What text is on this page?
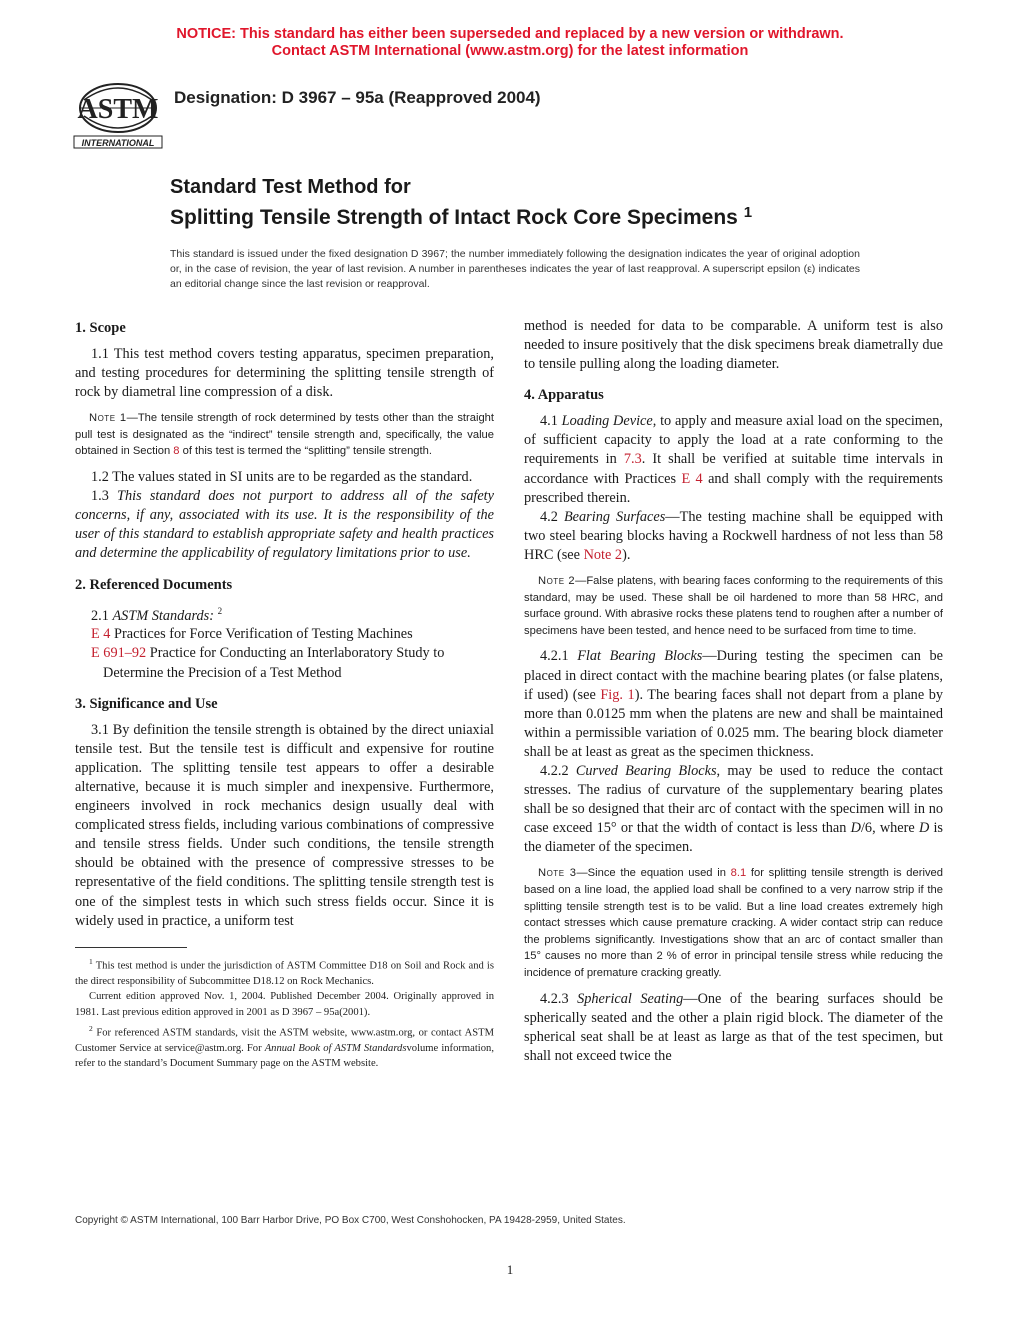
NOTICE: This standard has either been superseded and replaced by a new version or withdrawn.
Contact ASTM International (www.astm.org) for the latest information
ASTM
INTERNATIONAL
Designation: D 3967 – 95a (Reapproved 2004)
Standard Test Method for
Splitting Tensile Strength of Intact Rock Core Specimens $^1$
This standard is issued under the fixed designation D 3967; the number immediately following the designation indicates the year of original adoption or, in the case of revision, the year of last revision. A number in parentheses indicates the year of last reapproval. A superscript epsilon (ε) indicates an editorial change since the last revision or reapproval.
1. Scope

1.1 This test method covers testing apparatus, specimen preparation, and testing procedures for determining the splitting tensile strength of rock by diametral line compression of a disk.

Note 1—The tensile strength of rock determined by tests other than the straight pull test is designated as the “indirect” tensile strength and, specifically, the value obtained in Section 8 of this test is termed the “splitting” tensile strength.

1.2 The values stated in SI units are to be regarded as the standard.

1.3 This standard does not purport to address all of the safety concerns, if any, associated with its use. It is the responsibility of the user of this standard to establish appropriate safety and health practices and determine the applicability of regulatory limitations prior to use.

2. Referenced Documents

2.1 ASTM Standards: $^2$

E 4 Practices for Force Verification of Testing Machines

E 691–92 Practice for Conducting an Interlaboratory Study to Determine the Precision of a Test Method

3. Significance and Use

3.1 By definition the tensile strength is obtained by the direct uniaxial tensile test. But the tensile test is difficult and expensive for routine application. The splitting tensile test appears to offer a desirable alternative, because it is much simpler and inexpensive. Furthermore, engineers involved in rock mechanics design usually deal with complicated stress fields, including various combinations of compressive and tensile stress fields. Under such conditions, the tensile strength should be obtained with the presence of compressive stresses to be representative of the field conditions. The splitting tensile strength test is one of the simplest tests in which such stress fields occur. Since it is widely used in practice, a uniform test

$^1$ This test method is under the jurisdiction of ASTM Committee D18 on Soil and Rock and is the direct responsibility of Subcommittee D18.12 on Rock Mechanics.

Current edition approved Nov. 1, 2004. Published December 2004. Originally approved in 1981. Last previous edition approved in 2001 as D 3967 – 95a(2001).

$^2$ For referenced ASTM standards, visit the ASTM website, www.astm.org, or contact ASTM Customer Service at service@astm.org. For Annual Book of ASTM Standardsvolume information, refer to the standard’s Document Summary page on the ASTM website.

method is needed for data to be comparable. A uniform test is also needed to insure positively that the disk specimens break diametrally due to tensile pulling along the loading diameter.

4. Apparatus

4.1 Loading Device, to apply and measure axial load on the specimen, of sufficient capacity to apply the load at a rate conforming to the requirements in 7.3. It shall be verified at suitable time intervals in accordance with Practices E 4 and shall comply with the requirements prescribed therein.

4.2 Bearing Surfaces—The testing machine shall be equipped with two steel bearing blocks having a Rockwell hardness of not less than 58 HRC (see Note 2).

Note 2—False platens, with bearing faces conforming to the requirements of this standard, may be used. These shall be oil hardened to more than 58 HRC, and surface ground. With abrasive rocks these platens tend to roughen after a number of specimens have been tested, and hence need to be surfaced from time to time.

4.2.1 Flat Bearing Blocks—During testing the specimen can be placed in direct contact with the machine bearing plates (or false platens, if used) (see Fig. 1). The bearing faces shall not depart from a plane by more than 0.0125 mm when the platens are new and shall be maintained within a permissible variation of 0.025 mm. The bearing block diameter shall be at least as great as the specimen thickness.

4.2.2 Curved Bearing Blocks, may be used to reduce the contact stresses. The radius of curvature of the supplementary bearing plates shall be so designed that their arc of contact with the specimen will in no case exceed 15° or that the width of contact is less than D/6, where D is the diameter of the specimen.

Note 3—Since the equation used in 8.1 for splitting tensile strength is derived based on a line load, the applied load shall be confined to a very narrow strip if the splitting tensile strength test is to be valid. But a line load creates extremely high contact stresses which cause premature cracking. A wider contact strip can reduce the problems significantly. Investigations show that an arc of contact smaller than 15° causes no more than 2 % of error in principal tensile stress while reducing the incidence of premature cracking greatly.

4.2.3 Spherical Seating—One of the bearing surfaces should be spherically seated and the other a plain rigid block. The diameter of the spherical seat shall be at least as large as that of the test specimen, but shall not exceed twice the

Copyright © ASTM International, 100 Barr Harbor Drive, PO Box C700, West Conshohocken, PA 19428-2959, United States.
1
